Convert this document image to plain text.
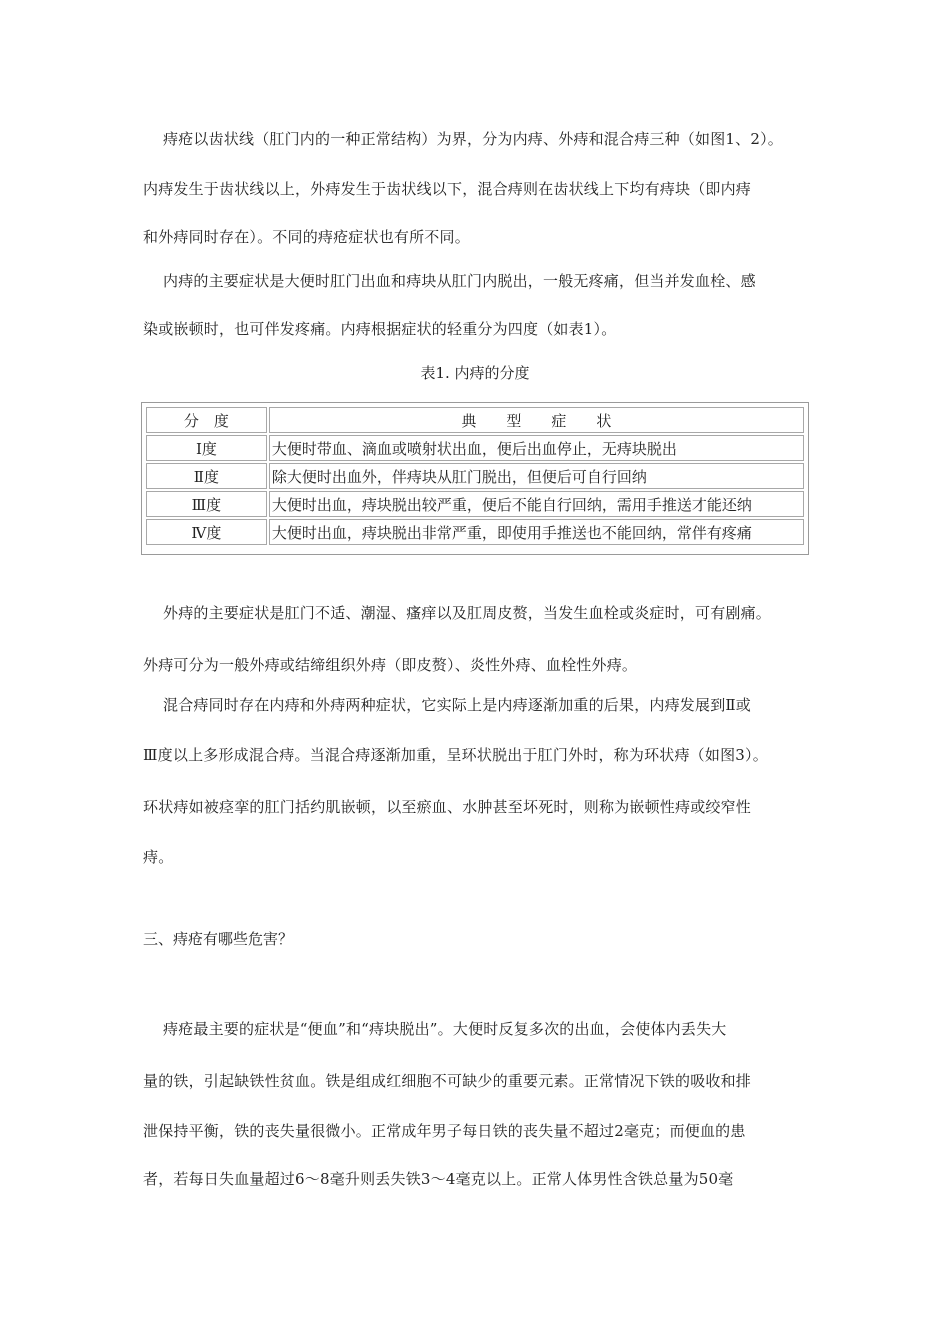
痔疮以齿状线（肛门内的一种正常结构）为界，分为内痔、外痔和混合痔三种（如图1、2）。
内痔发生于齿状线以上，外痔发生于齿状线以下，混合痔则在齿状线上下均有痔块（即内痔
和外痔同时存在）。不同的痔疮症状也有所不同。
内痔的主要症状是大便时肛门出血和痔块从肛门内脱出，一般无疼痛，但当并发血栓、感
染或嵌顿时，也可伴发疼痛。内痔根据症状的轻重分为四度（如表1）。
表1. 内痔的分度
分　度	典　　型　　症　　状
Ⅰ度	大便时带血、滴血或喷射状出血，便后出血停止，无痔块脱出
Ⅱ度	除大便时出血外，伴痔块从肛门脱出，但便后可自行回纳
Ⅲ度	大便时出血，痔块脱出较严重，便后不能自行回纳，需用手推送才能还纳
Ⅳ度	大便时出血，痔块脱出非常严重，即使用手推送也不能回纳，常伴有疼痛
外痔的主要症状是肛门不适、潮湿、瘙痒以及肛周皮赘，当发生血栓或炎症时，可有剧痛。
外痔可分为一般外痔或结缔组织外痔（即皮赘）、炎性外痔、血栓性外痔。
混合痔同时存在内痔和外痔两种症状，它实际上是内痔逐渐加重的后果，内痔发展到Ⅱ或
Ⅲ度以上多形成混合痔。当混合痔逐渐加重，呈环状脱出于肛门外时，称为环状痔（如图3）。
环状痔如被痉挛的肛门括约肌嵌顿，以至瘀血、水肿甚至坏死时，则称为嵌顿性痔或绞窄性
痔。
三、痔疮有哪些危害？
痔疮最主要的症状是“便血”和“痔块脱出”。大便时反复多次的出血，会使体内丢失大
量的铁，引起缺铁性贫血。铁是组成红细胞不可缺少的重要元素。正常情况下铁的吸收和排
泄保持平衡，铁的丧失量很微小。正常成年男子每日铁的丧失量不超过2毫克；而便血的患
者，若每日失血量超过6～8毫升则丢失铁3～4毫克以上。正常人体男性含铁总量为50毫
